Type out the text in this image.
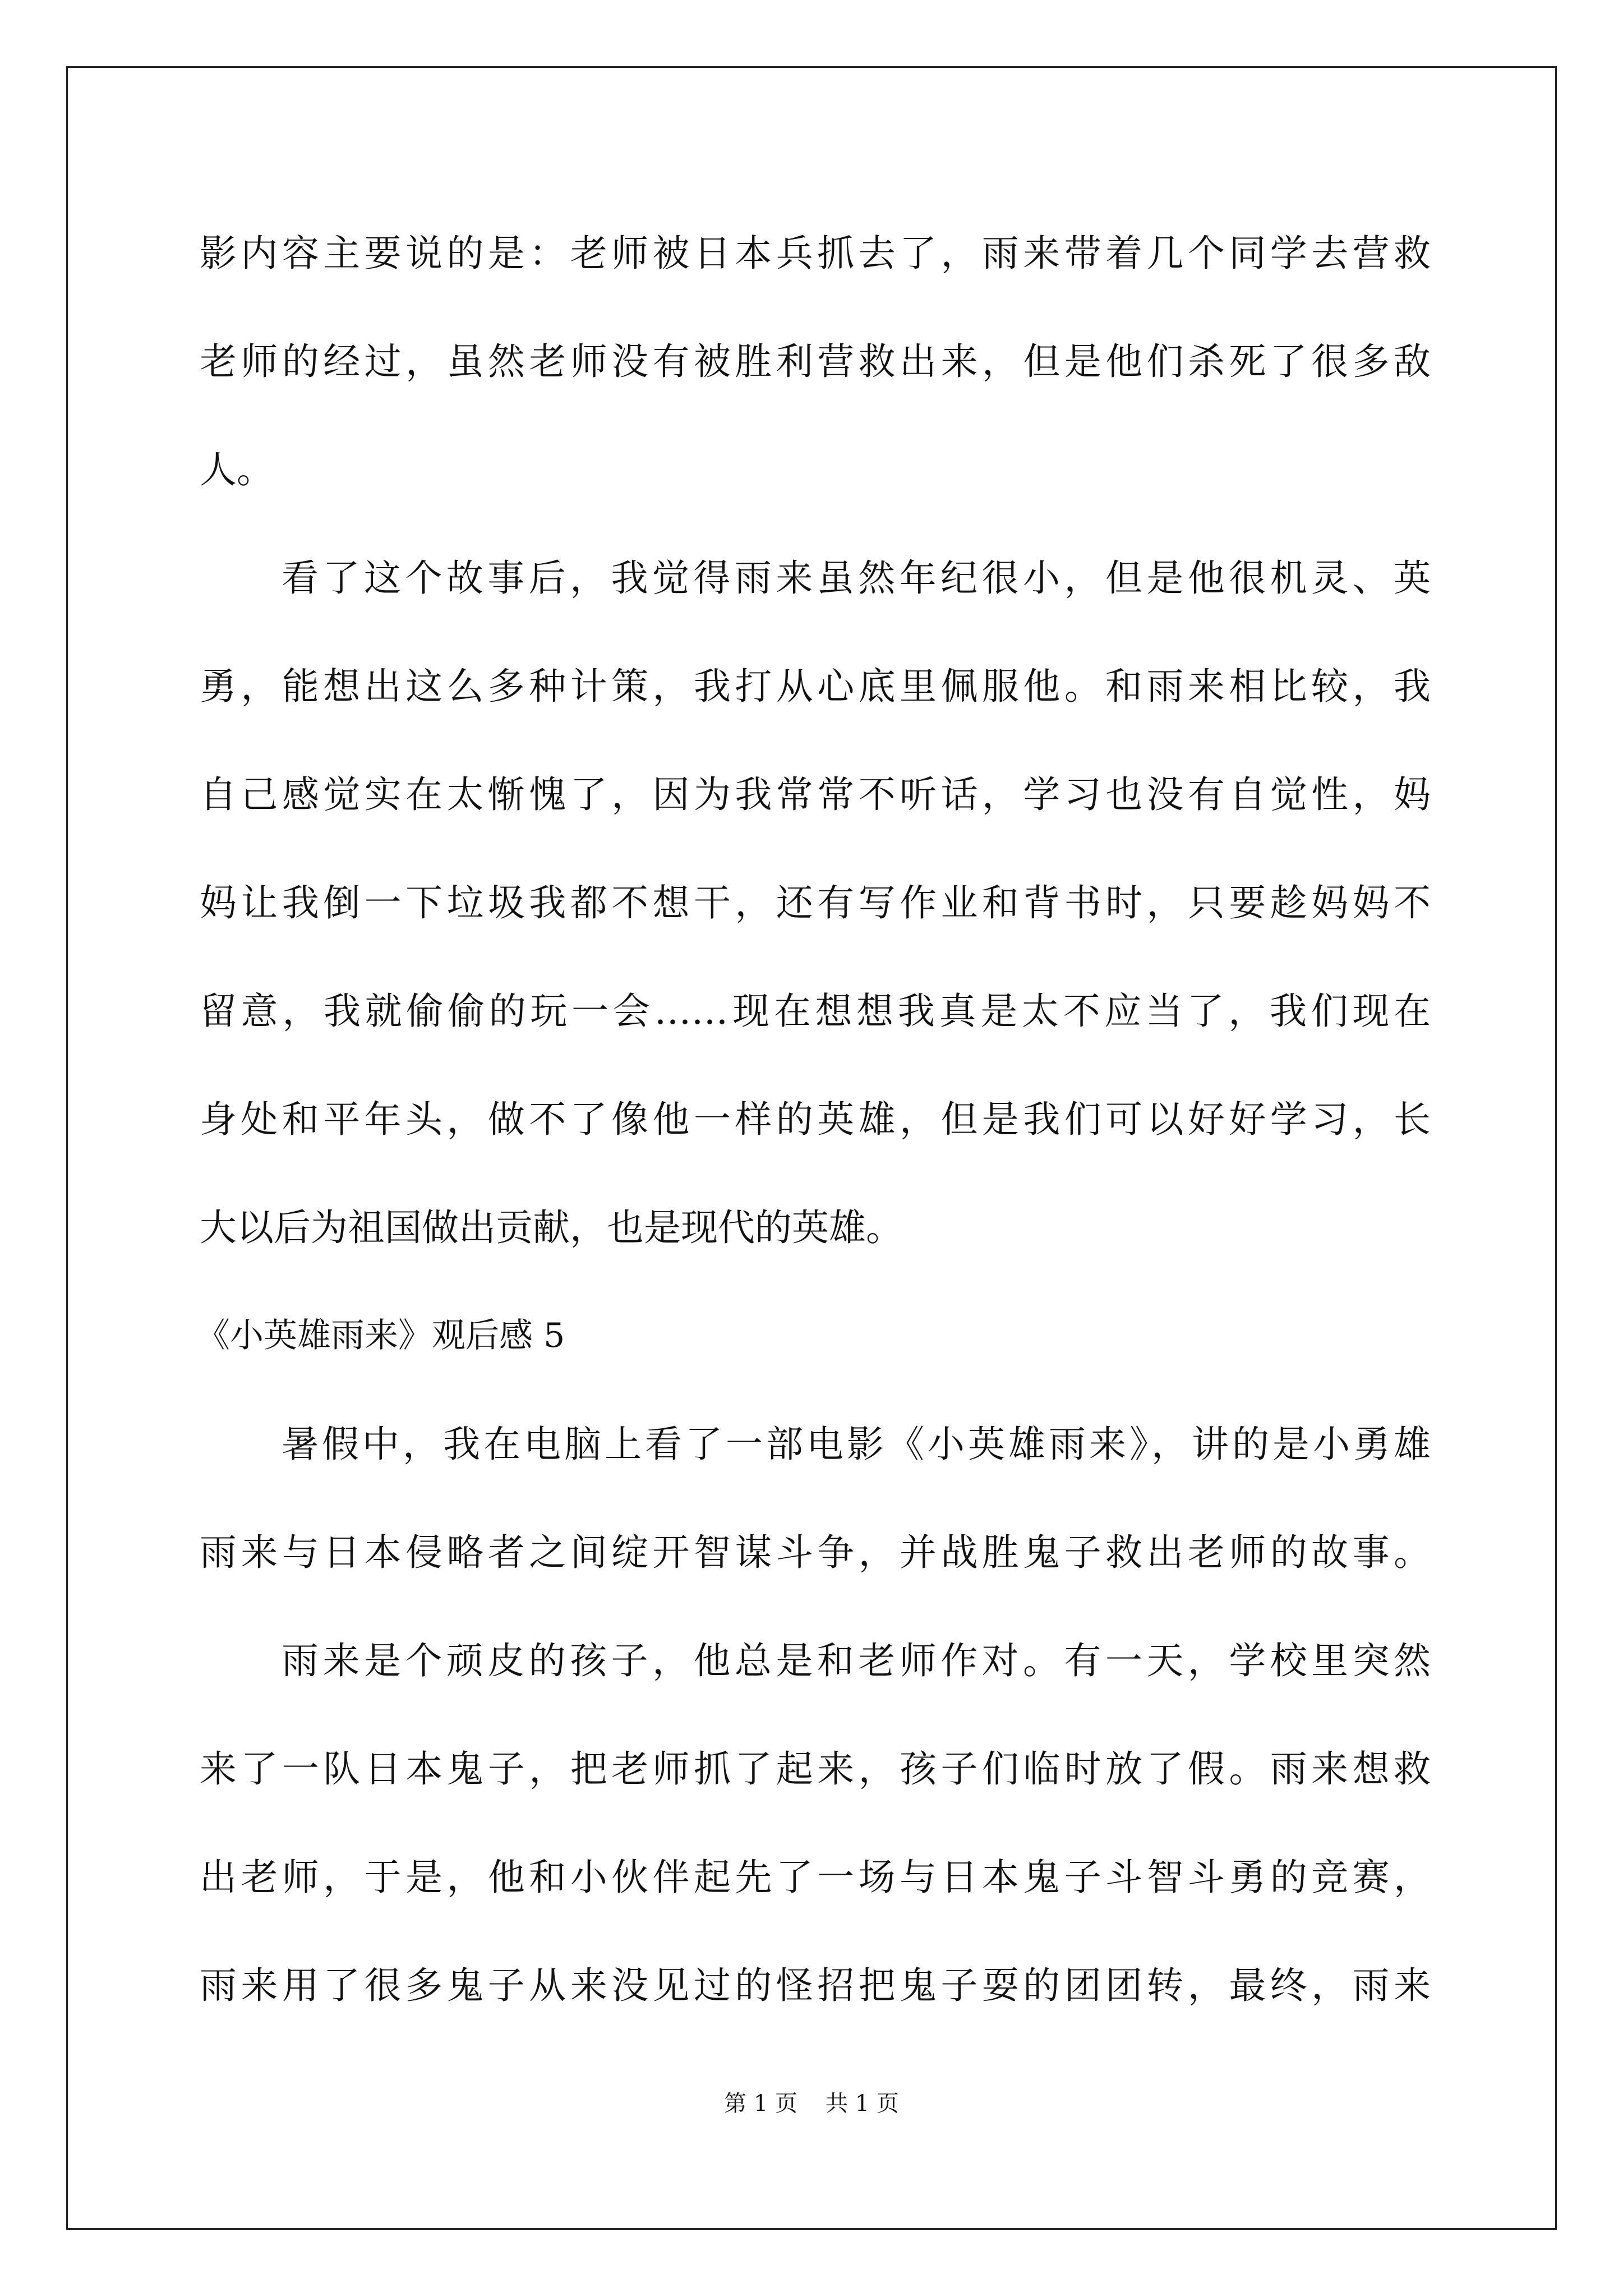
影内容主要说的是：老师被日本兵抓去了，雨来带着几个同学去营救
老师的经过，虽然老师没有被胜利营救出来，但是他们杀死了很多敌
人。
看了这个故事后，我觉得雨来虽然年纪很小，但是他很机灵、英
勇，能想出这么多种计策，我打从心底里佩服他。和雨来相比较，我
自己感觉实在太惭愧了，因为我常常不听话，学习也没有自觉性，妈
妈让我倒一下垃圾我都不想干，还有写作业和背书时，只要趁妈妈不
留意，我就偷偷的玩一会……现在想想我真是太不应当了，我们现在
身处和平年头，做不了像他一样的英雄，但是我们可以好好学习，长
大以后为祖国做出贡献，也是现代的英雄。
《小英雄雨来》观后感 5
暑假中，我在电脑上看了一部电影《小英雄雨来》，讲的是小勇雄
雨来与日本侵略者之间绽开智谋斗争，并战胜鬼子救出老师的故事。
雨来是个顽皮的孩子，他总是和老师作对。有一天，学校里突然
来了一队日本鬼子，把老师抓了起来，孩子们临时放了假。雨来想救
出老师，于是，他和小伙伴起先了一场与日本鬼子斗智斗勇的竞赛，
雨来用了很多鬼子从来没见过的怪招把鬼子耍的团团转，最终，雨来
第 1 页 共 1 页
